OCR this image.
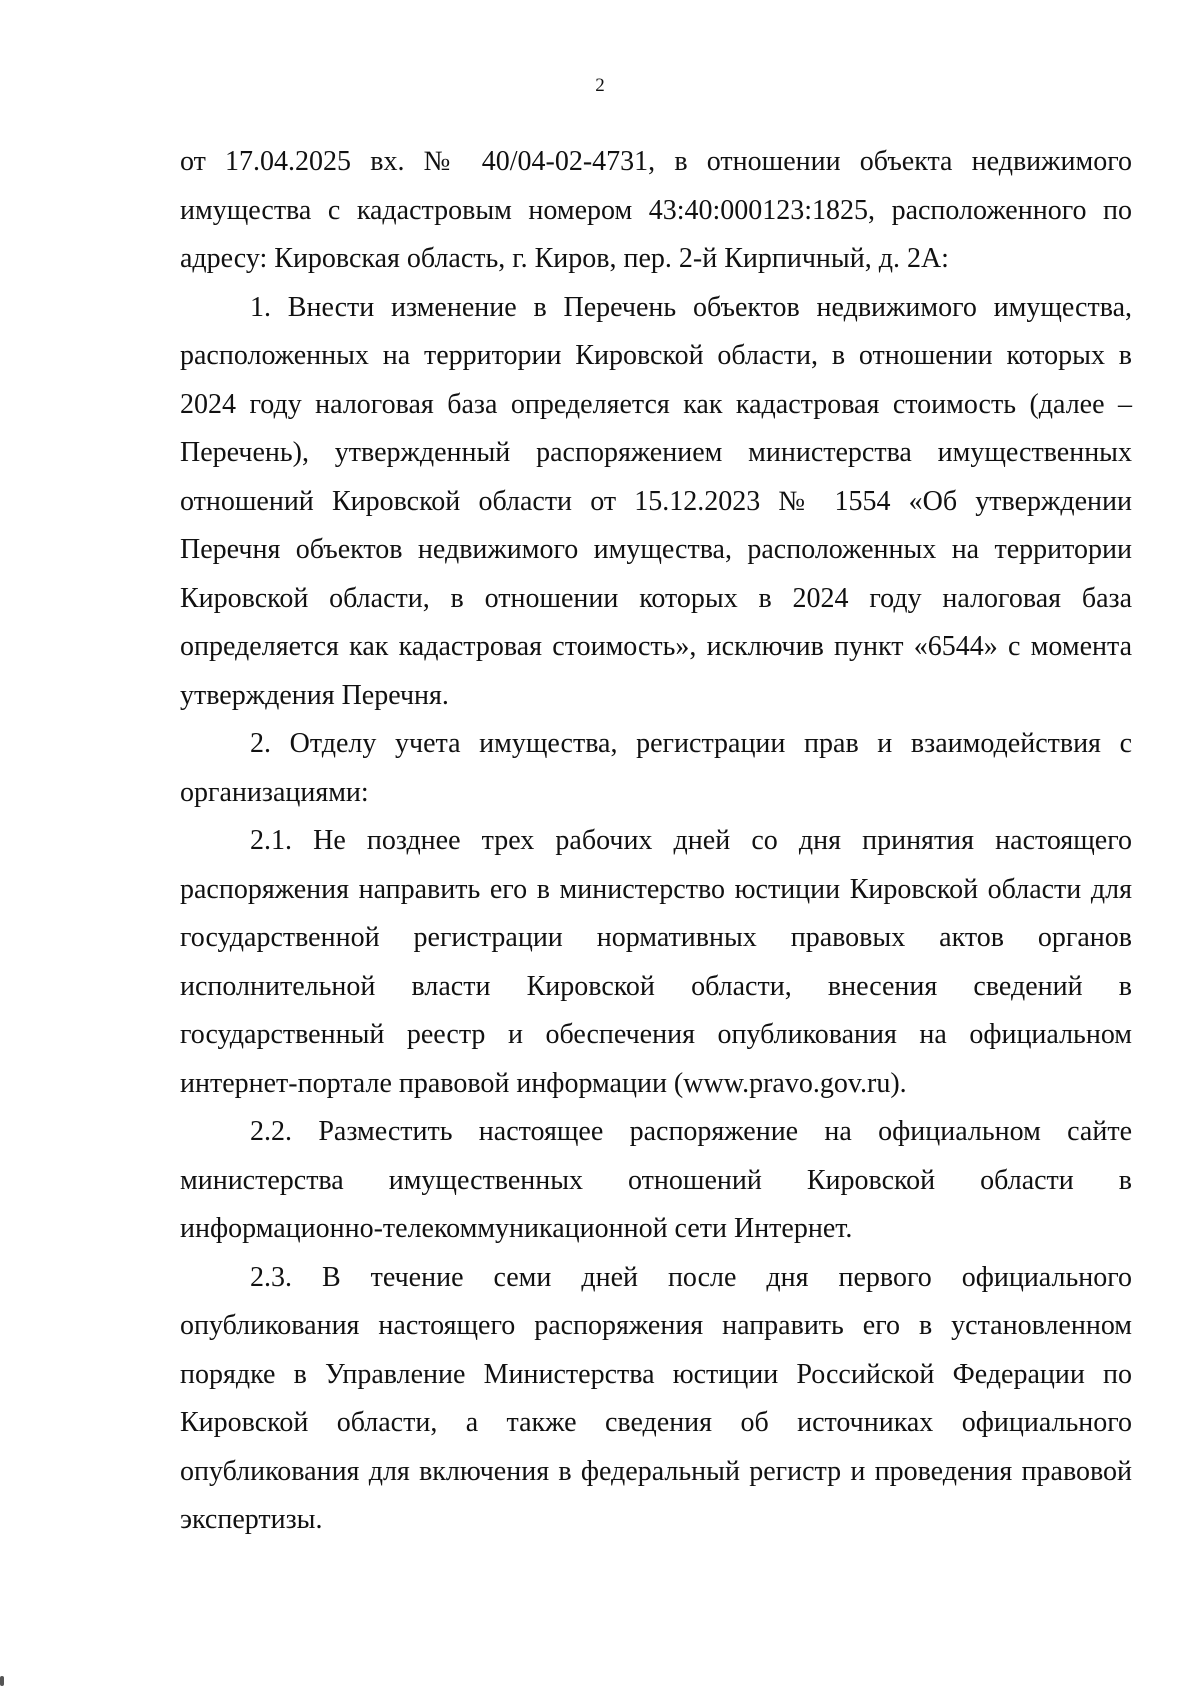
2

от 17.04.2025 вх. № 40/04-02-4731, в отношении объекта недвижимого имущества с кадастровым номером 43:40:000123:1825, расположенного по адресу: Кировская область, г. Киров, пер. 2-й Кирпичный, д. 2А:

1. Внести изменение в Перечень объектов недвижимого имущества, расположенных на территории Кировской области, в отношении которых в 2024 году налоговая база определяется как кадастровая стоимость (далее – Перечень), утвержденный распоряжением министерства имущественных отношений Кировской области от 15.12.2023 № 1554 «Об утверждении Перечня объектов недвижимого имущества, расположенных на территории Кировской области, в отношении которых в 2024 году налоговая база определяется как кадастровая стоимость», исключив пункт «6544» с момента утверждения Перечня.

2. Отделу учета имущества, регистрации прав и взаимодействия с организациями:

2.1. Не позднее трех рабочих дней со дня принятия настоящего распоряжения направить его в министерство юстиции Кировской области для государственной регистрации нормативных правовых актов органов исполнительной власти Кировской области, внесения сведений в государственный реестр и обеспечения опубликования на официальном интернет-портале правовой информации (www.pravo.gov.ru).

2.2. Разместить настоящее распоряжение на официальном сайте министерства имущественных отношений Кировской области в информационно-телекоммуникационной сети Интернет.

2.3. В течение семи дней после дня первого официального опубликования настоящего распоряжения направить его в установленном порядке в Управление Министерства юстиции Российской Федерации по Кировской области, а также сведения об источниках официального опубликования для включения в федеральный регистр и проведения правовой экспертизы.
